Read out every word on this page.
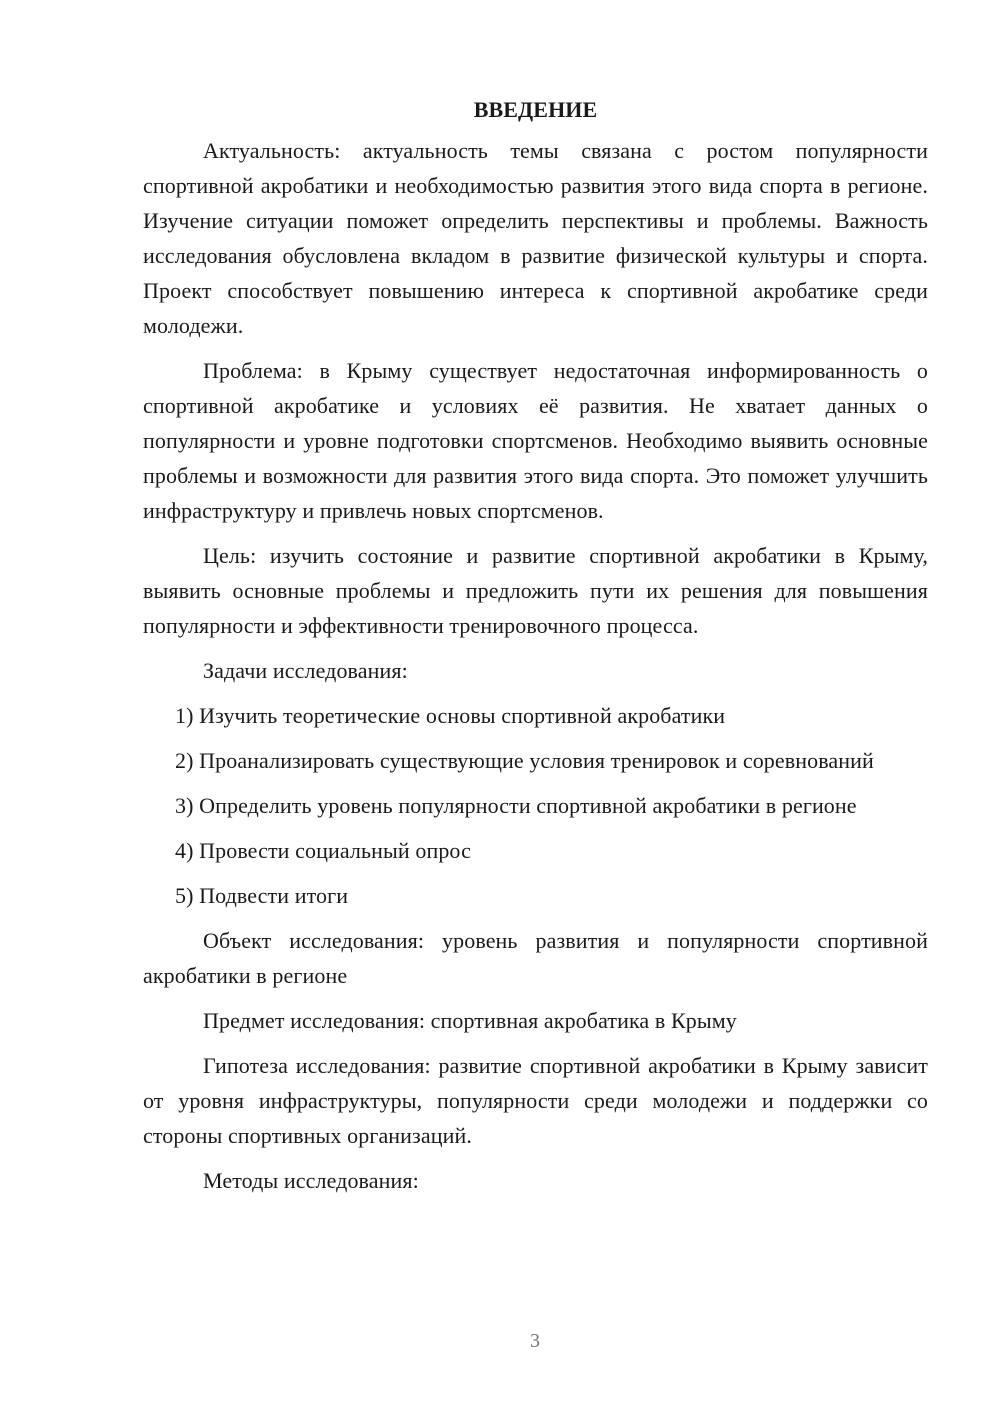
ВВЕДЕНИЕ

Актуальность: актуальность темы связана с ростом популярности спортивной акробатики и необходимостью развития этого вида спорта в регионе. Изучение ситуации поможет определить перспективы и проблемы. Важность исследования обусловлена вкладом в развитие физической культуры и спорта. Проект способствует повышению интереса к спортивной акробатике среди молодежи.

Проблема: в Крыму существует недостаточная информированность о спортивной акробатике и условиях её развития. Не хватает данных о популярности и уровне подготовки спортсменов. Необходимо выявить основные проблемы и возможности для развития этого вида спорта. Это поможет улучшить инфраструктуру и привлечь новых спортсменов.

Цель: изучить состояние и развитие спортивной акробатики в Крыму, выявить основные проблемы и предложить пути их решения для повышения популярности и эффективности тренировочного процесса.

Задачи исследования:

1) Изучить теоретические основы спортивной акробатики

2) Проанализировать существующие условия тренировок и соревнований

3) Определить уровень популярности спортивной акробатики в регионе

4) Провести социальный опрос

5) Подвести итоги

Объект исследования: уровень развития и популярности спортивной акробатики в регионе

Предмет исследования: спортивная акробатика в Крыму

Гипотеза исследования: развитие спортивной акробатики в Крыму зависит от уровня инфраструктуры, популярности среди молодежи и поддержки со стороны спортивных организаций.

Методы исследования:

3
